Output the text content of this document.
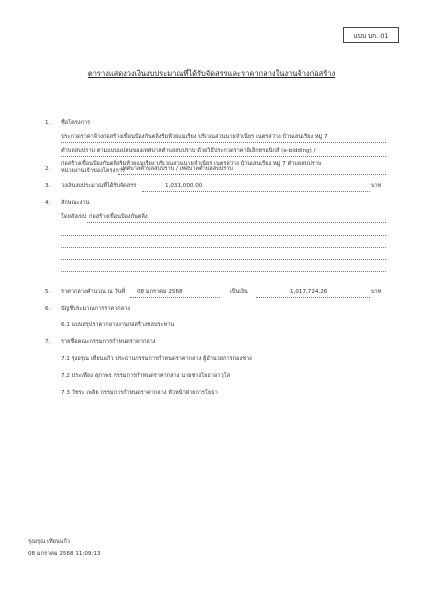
แบบ บก. 01
ตารางแสดงวงเงินงบประมาณที่ได้รับจัดสรรและราคากลางในงานจ้างก่อสร้าง
1. ชื่อโครงการ
ประกวดราคาจ้างก่อสร้างเขื่อนป้องกันตลิ่งริมห้วยแมเรียง บริเวณสวนนายจำเนียร เนตรสว่าง บ้านเสนเรียง หมู่ 7
ตำบลสบปราบ ตามแบบแปลนของเทศบาลตำบลสบปราบ ด้วยวิธีประกวดราคาอิเล็กทรอนิกส์ (e-bidding) /
ก่อสร้างเขื่อนป้องกันตลิ่งริมห้วยแมเรียง บริเวณสวนนายจำเนียร เนตรสว่าง บ้านเสนเรียง หมู่ 7 ตำบลสบปราบ
2. หน่วยงานเจ้าของโครงการ
เทศบาลตำบลสบปราบ / เทศบาลตำบลสบปราบ
3. วงเงินงบประมาณที่ได้รับจัดสรร	1,031,000.00	บาท
4. ลักษณะงาน
โดยสังเขป ก่อสร้างเขื่อนป้องกันตลิ่ง
5. ราคากลางคำนวณ ณ วันที่ 08 มกราคม 2568	เป็นเงิน	1,017,724.26	บาท
6. บัญชีประมาณการราคากลาง
6.1 แบบสรุปราคากลางงานก่อสร้างชลประทาน
7. รายชื่อคณะกรรมการกำหนดราคากลาง
7.1 รุ่งอรุณ เทียนแก้ว ประธานกรรมการกำหนดราคากลาง ผู้อำนวยการกองช่าง
7.2 ประเทือง สุภาพร กรรมการกำหนดราคากลาง นายช่างโยธาอาวุโส
7.3 วัชระ เพลิย กรรมการกำหนดราคากลาง หัวหน้าฝ่ายการโยธา
รุ่งอรุณ เทียนแก้ว
08 มกราคม 2568 11:09:13
